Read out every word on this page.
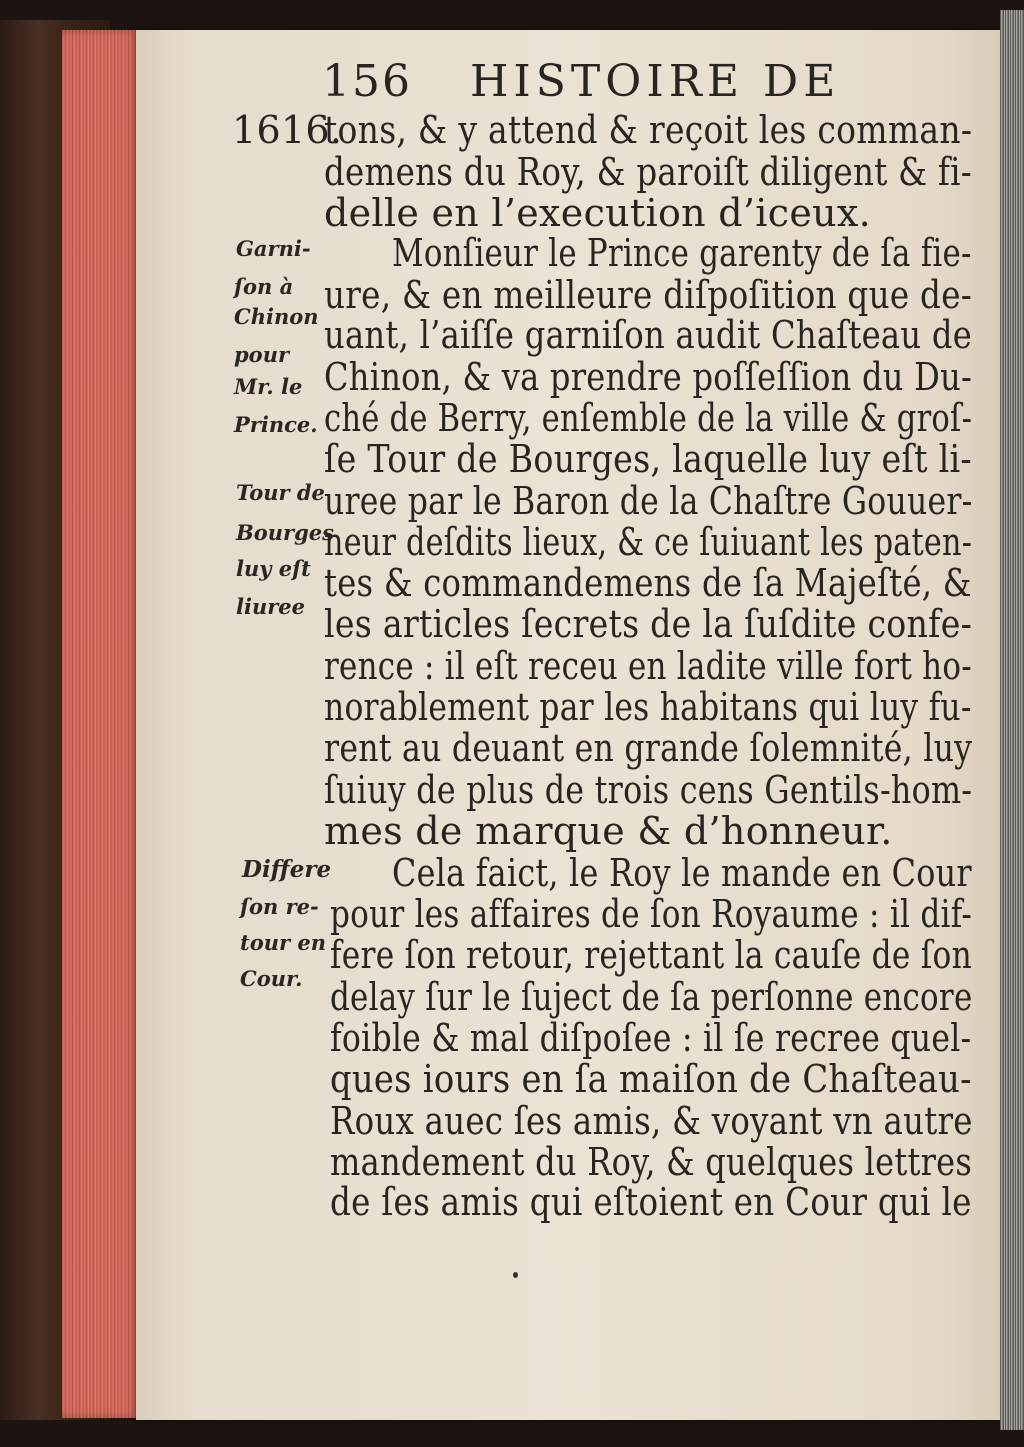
156 HISTOIRE DE
1616.
tons, & y attend & reçoit les comman-
demens du Roy, & paroiſt diligent & fi-
delle en l’execution d’iceux.
Monſieur le Prince garenty de ſa fie-
ure, & en meilleure diſpoſition que de-
uant, l’aiſſe garniſon audit Chaſteau de
Chinon, & va prendre poſſeſſion du Du-
ché de Berry, enſemble de la ville & groſ-
ſe Tour de Bourges, laquelle luy eſt li-
uree par le Baron de la Chaſtre Gouuer-
neur deſdits lieux, & ce ſuiuant les paten-
tes & commandemens de ſa Majeſté, &
les articles ſecrets de la ſuſdite confe-
rence : il eſt receu en ladite ville fort ho-
norablement par les habitans qui luy fu-
rent au deuant en grande ſolemnité, luy
ſuiuy de plus de trois cens Gentils-hom-
mes de marque & d’honneur.
Cela faict, le Roy le mande en Cour
pour les affaires de ſon Royaume : il dif-
fere ſon retour, rejettant la cauſe de ſon
delay ſur le ſuject de ſa perſonne encore
foible & mal diſpoſee : il ſe recree quel-
ques iours en ſa maiſon de Chaſteau-
Roux auec ſes amis, & voyant vn autre
mandement du Roy, & quelques lettres
de ſes amis qui eſtoient en Cour qui le
Garni-
ſon à
Chinon
pour
Mr. le
Prince.
Tour de
Bourges
luy eſt
liuree
Differe
ſon re-
tour en
Cour.
